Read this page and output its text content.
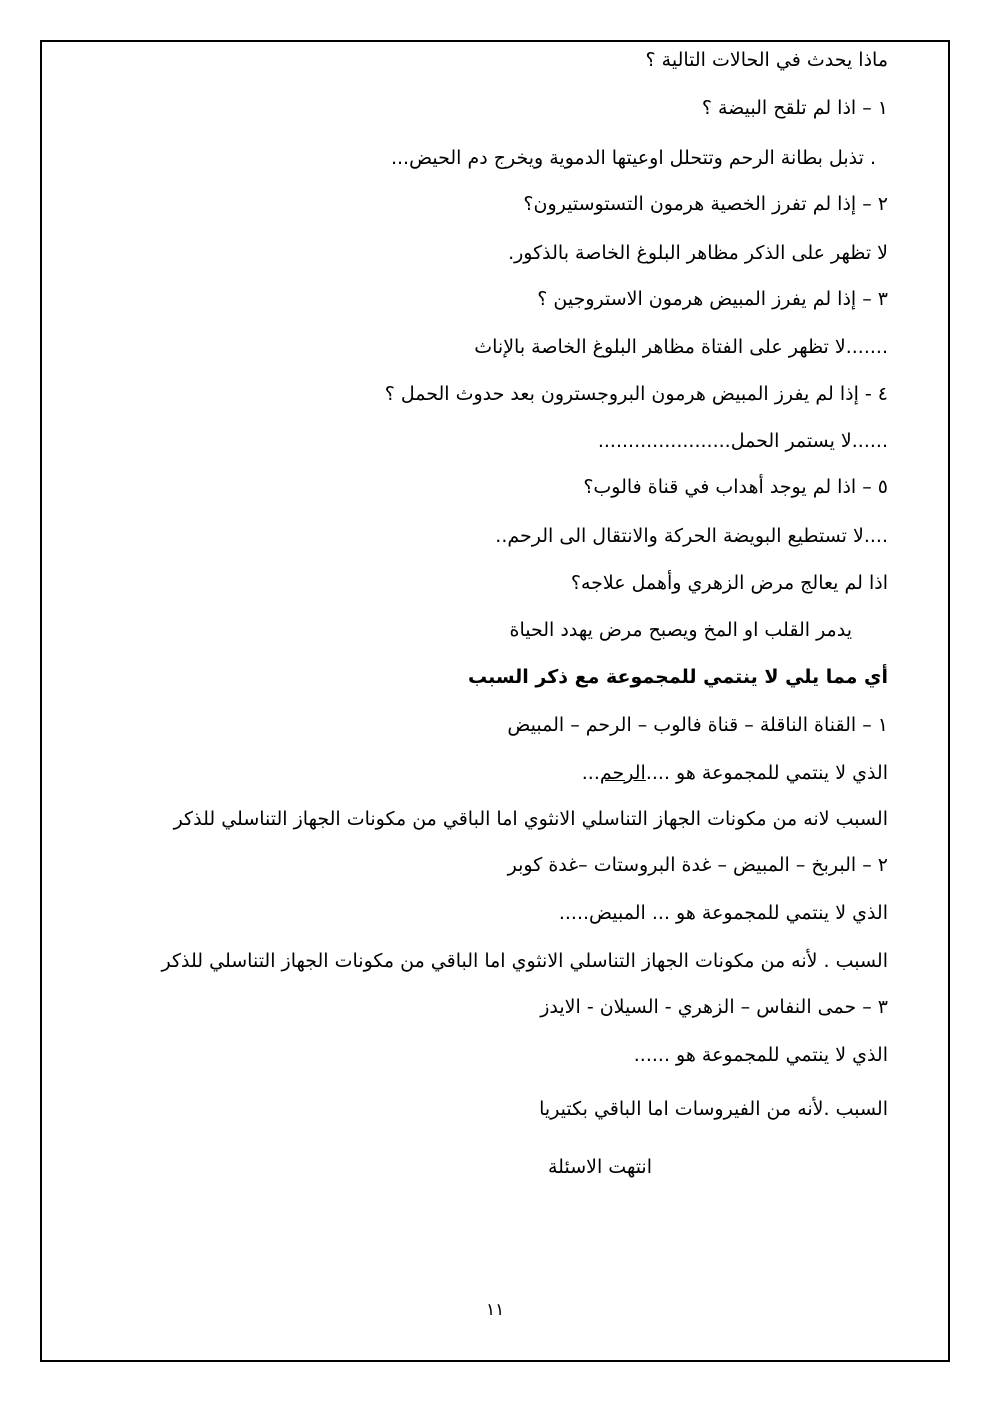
ماذا يحدث في الحالات التالية ؟
١ – اذا لم تلقح البيضة ؟
. تذبل بطانة الرحم وتتحلل اوعيتها الدموية ويخرج دم الحيض...
٢ – إذا لم تفرز الخصية هرمون التستوستيرون؟
لا تظهر على الذكر مظاهر البلوغ الخاصة بالذكور.
٣ – إذا لم يفرز المبيض هرمون الاستروجين ؟
.......لا تظهر على الفتاة مظاهر البلوغ الخاصة بالإناث
٤ - إذا لم يفرز المبيض هرمون البروجسترون بعد حدوث الحمل ؟
......لا يستمر الحمل......................
٥ – اذا لم يوجد أهداب في قناة فالوب؟
....لا تستطيع البويضة الحركة والانتقال الى الرحم..
اذا لم يعالج مرض الزهري وأهمل علاجه؟
يدمر القلب او المخ ويصبح مرض يهدد الحياة
أي مما يلي لا ينتمي للمجموعة مع ذكر السبب
١ – القناة الناقلة – قناة فالوب – الرحم – المبيض
الذي لا ينتمي للمجموعة هو ....الرحم...
السبب لانه من مكونات الجهاز التناسلي الانثوي اما الباقي من مكونات الجهاز التناسلي للذكر
٢ – البربخ – المبيض – غدة البروستات –غدة كوبر
الذي لا ينتمي للمجموعة هو ... المبيض.....
السبب . لأنه من مكونات الجهاز التناسلي الانثوي اما الباقي من مكونات الجهاز التناسلي للذكر
٣ – حمى النفاس – الزهري - السيلان - الايدز
الذي لا ينتمي للمجموعة هو ......
السبب .لأنه من الفيروسات اما الباقي بكتيريا
انتهت الاسئلة
١١
